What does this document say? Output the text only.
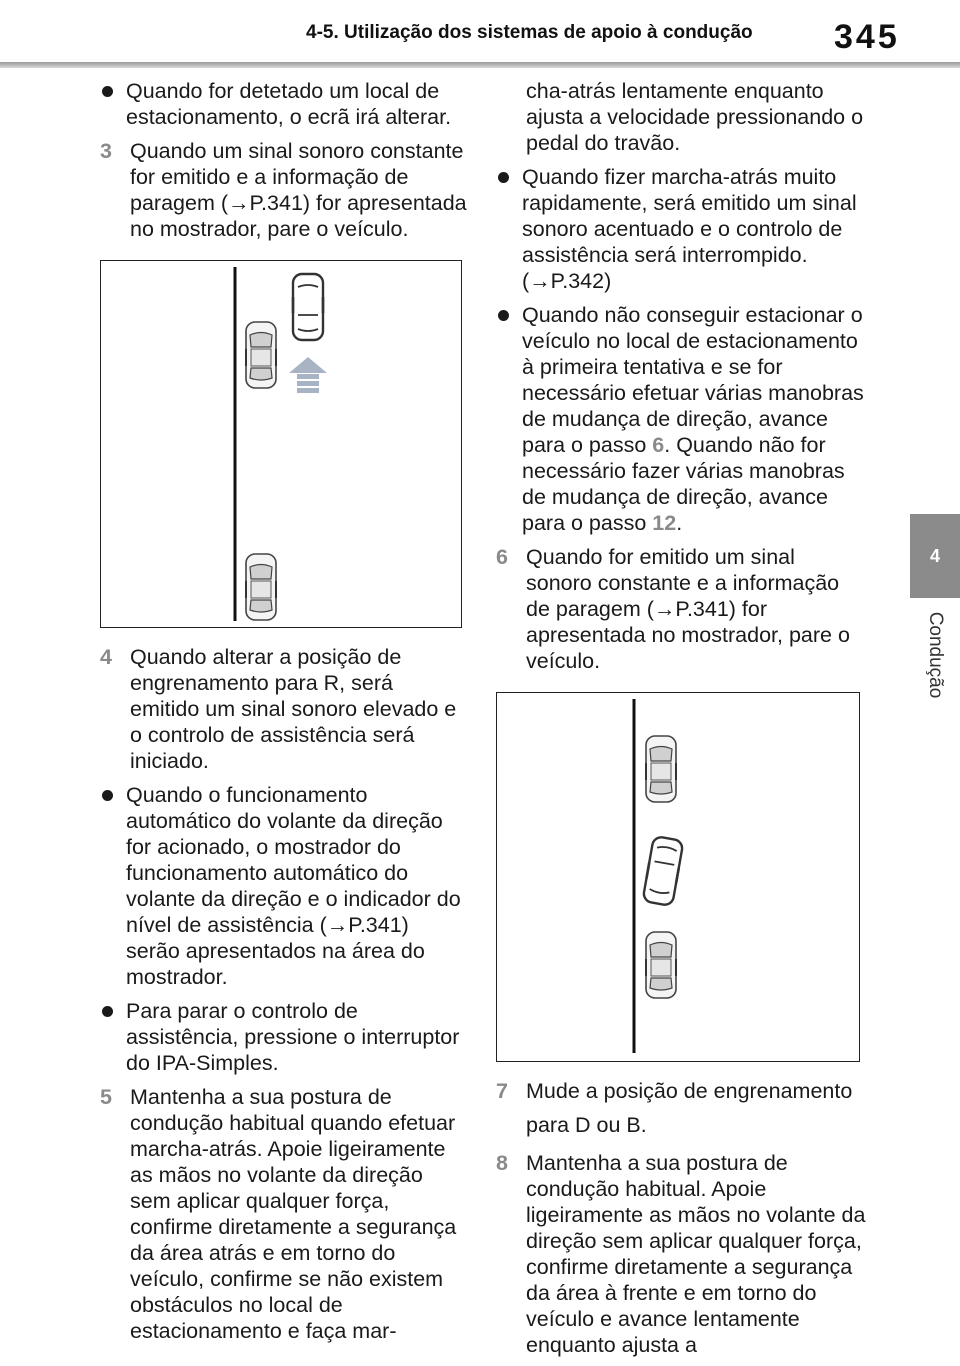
4-5. Utilização dos sistemas de apoio à condução	345
4
Condução
Quando for detetado um local de estacionamento, o ecrã irá alterar.
3 Quando um sinal sonoro constante for emitido e a informação de paragem (→P.341) for apresentada no mostrador, pare o veículo.
4 Quando alterar a posição de engrenamento para R, será emitido um sinal sonoro elevado e o controlo de assistência será iniciado.
Quando o funcionamento automático do volante da direção for acionado, o mostrador do funcionamento automático do volante da direção e o indicador do nível de assistência (→P.341) serão apresentados na área do mostrador.
Para parar o controlo de assistência, pressione o interruptor do IPA-Simples.
5 Mantenha a sua postura de condução habitual quando efetuar marcha-atrás. Apoie ligeiramente as mãos no volante da direção sem aplicar qualquer força, confirme diretamente a segurança da área atrás e em torno do veículo, confirme se não existem obstáculos no local de estacionamento e faça mar-
cha-atrás lentamente enquanto ajusta a velocidade pressionando o pedal do travão.
Quando fizer marcha-atrás muito rapidamente, será emitido um sinal sonoro acentuado e o controlo de assistência será interrompido. (→P.342)
Quando não conseguir estacionar o veículo no local de estacionamento à primeira tentativa e se for necessário efetuar várias manobras de mudança de direção, avance para o passo 6. Quando não for necessário fazer várias manobras de mudança de direção, avance para o passo 12.
6 Quando for emitido um sinal sonoro constante e a informação de paragem (→P.341) for apresentada no mostrador, pare o veículo.
7 Mude a posição de engrenamento para D ou B.
8 Mantenha a sua postura de condução habitual. Apoie ligeiramente as mãos no volante da direção sem aplicar qualquer força, confirme diretamente a segurança da área à frente e em torno do veículo e avance lentamente enquanto ajusta a
